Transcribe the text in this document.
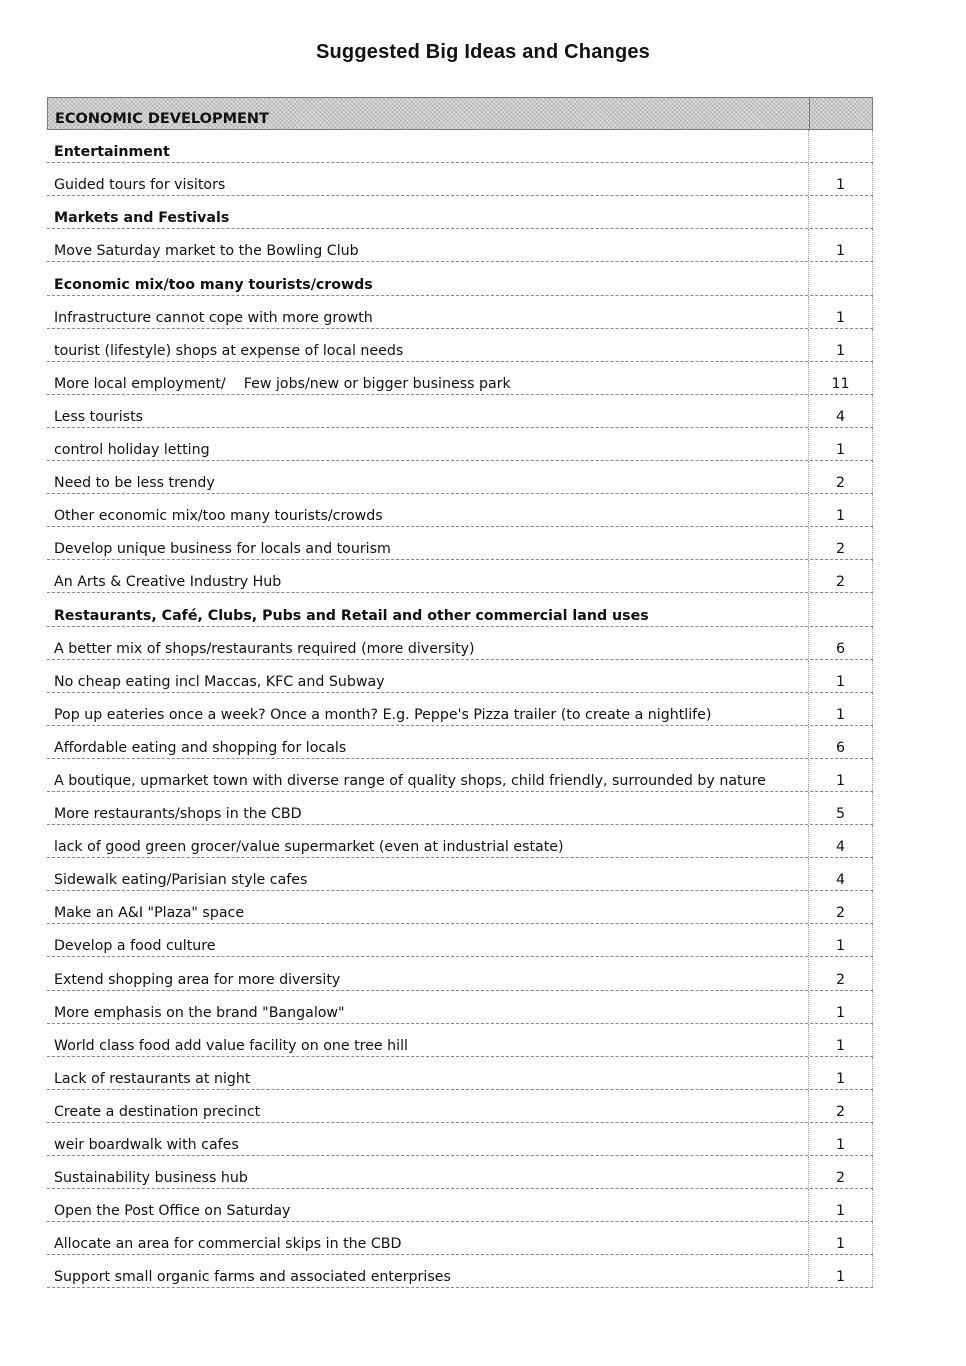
Suggested Big Ideas and Changes
ECONOMIC DEVELOPMENT
Entertainment
Guided tours for visitors	1
Markets and Festivals
Move Saturday market to the Bowling Club	1
Economic mix/too many tourists/crowds
Infrastructure cannot cope with more growth	1
tourist (lifestyle) shops at expense of local needs	1
More local employment/    Few jobs/new or bigger business park	11
Less tourists	4
control holiday letting	1
Need to be less trendy	2
Other economic mix/too many tourists/crowds	1
Develop unique business for locals and tourism	2
An Arts & Creative Industry Hub	2
Restaurants, Café, Clubs, Pubs and Retail and other commercial land uses
A better mix of shops/restaurants required (more diversity)	6
No cheap eating incl Maccas, KFC and Subway	1
Pop up eateries once a week? Once a month? E.g. Peppe's Pizza trailer (to create a nightlife)	1
Affordable eating and shopping for locals	6
A boutique, upmarket town with diverse range of quality shops, child friendly, surrounded by nature	1
More restaurants/shops in the CBD	5
lack of good green grocer/value supermarket (even at industrial estate)	4
Sidewalk eating/Parisian style cafes	4
Make an A&I "Plaza" space	2
Develop a food culture	1
Extend shopping area for more diversity	2
More emphasis on the brand "Bangalow"	1
World class food add value facility on one tree hill	1
Lack of restaurants at night	1
Create a destination precinct	2
weir boardwalk with cafes	1
Sustainability business hub	2
Open the Post Office on Saturday	1
Allocate an area for commercial skips in the CBD	1
Support small organic farms and associated enterprises	1
